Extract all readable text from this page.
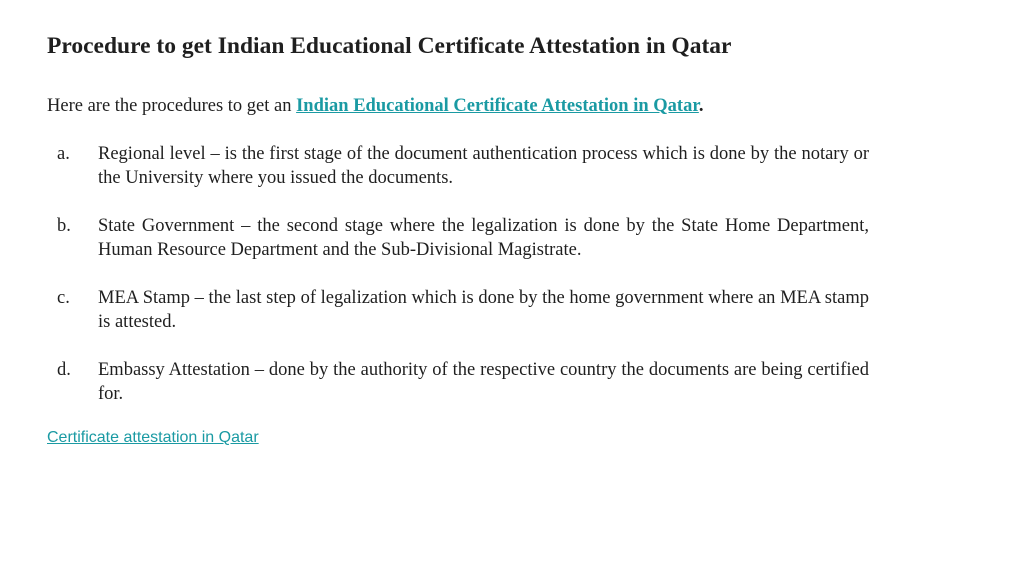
Procedure to get Indian Educational Certificate Attestation in Qatar

Here are the procedures to get an Indian Educational Certificate Attestation in Qatar.

a. Regional level – is the first stage of the document authentication process which is done by the notary or the University where you issued the documents.
b. State Government – the second stage where the legalization is done by the State Home Department, Human Resource Department and the Sub-Divisional Magistrate.
c. MEA Stamp – the last step of legalization which is done by the home government where an MEA stamp is attested.
d. Embassy Attestation – done by the authority of the respective country the documents are being certified for.
Certificate attestation in Qatar
